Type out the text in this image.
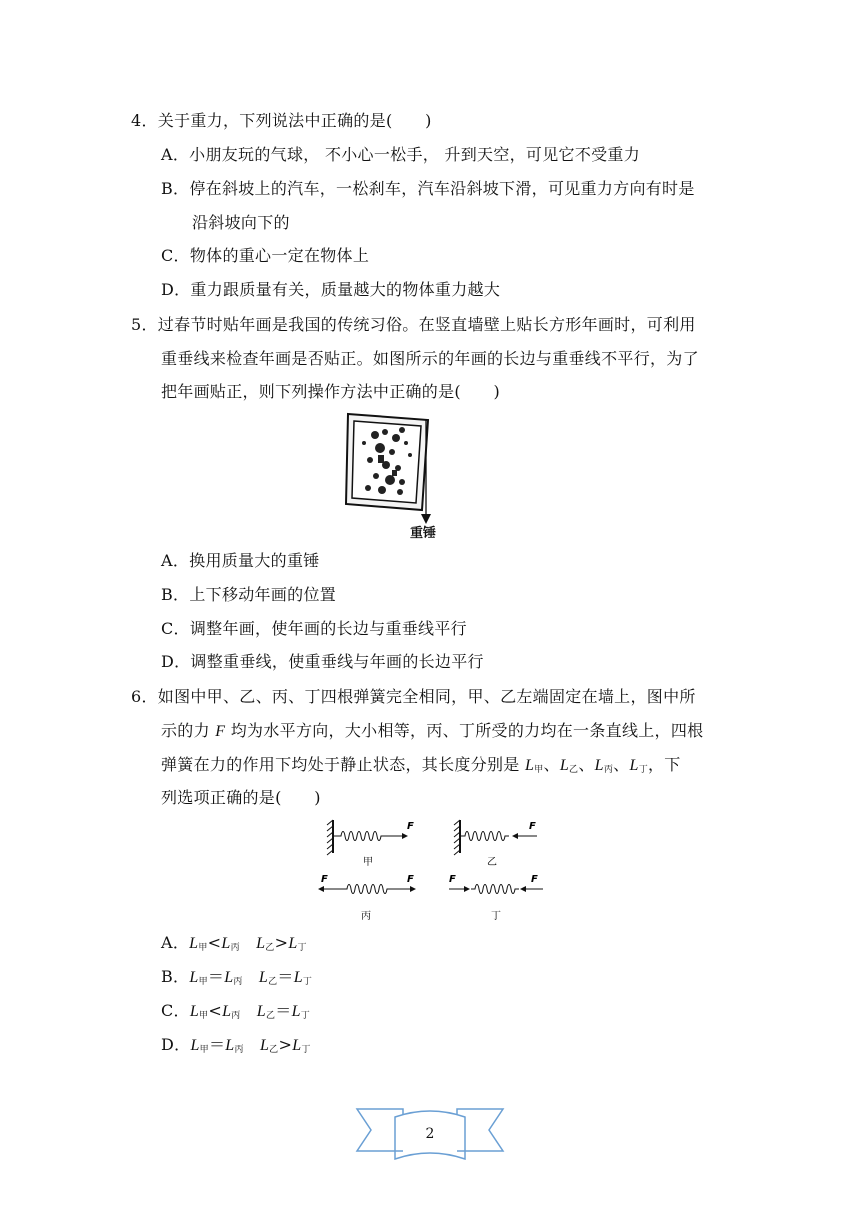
4．关于重力，下列说法中正确的是(　　)
A．小朋友玩的气球， 不小心一松手， 升到天空，可见它不受重力
B．停在斜坡上的汽车，一松刹车，汽车沿斜坡下滑，可见重力方向有时是
沿斜坡向下的
C．物体的重心一定在物体上
D．重力跟质量有关，质量越大的物体重力越大
5．过春节时贴年画是我国的传统习俗。在竖直墙壁上贴长方形年画时，可利用
重垂线来检查年画是否贴正。如图所示的年画的长边与重垂线不平行，为了
把年画贴正，则下列操作方法中正确的是(　　)
重锤
A．换用质量大的重锤
B．上下移动年画的位置
C．调整年画，使年画的长边与重垂线平行
D．调整重垂线，使重垂线与年画的长边平行
6．如图中甲、乙、丙、丁四根弹簧完全相同，甲、乙左端固定在墙上，图中所
示的力 F 均为水平方向，大小相等，丙、丁所受的力均在一条直线上，四根
弹簧在力的作用下均处于静止状态，其长度分别是 $L_甲$、$L_乙$、$L_丙$、$L_丁$，下
列选项正确的是(　　)
F
甲
F
乙
F	F
丙
F	F
丁
A．$L_甲<L_丙$ $L_乙>L_丁$
B．$L_甲=L_丙$ $L_乙=L_丁$
C．$L_甲<L_丙$ $L_乙=L_丁$
D．$L_甲=L_丙$ $L_乙>L_丁$
2
